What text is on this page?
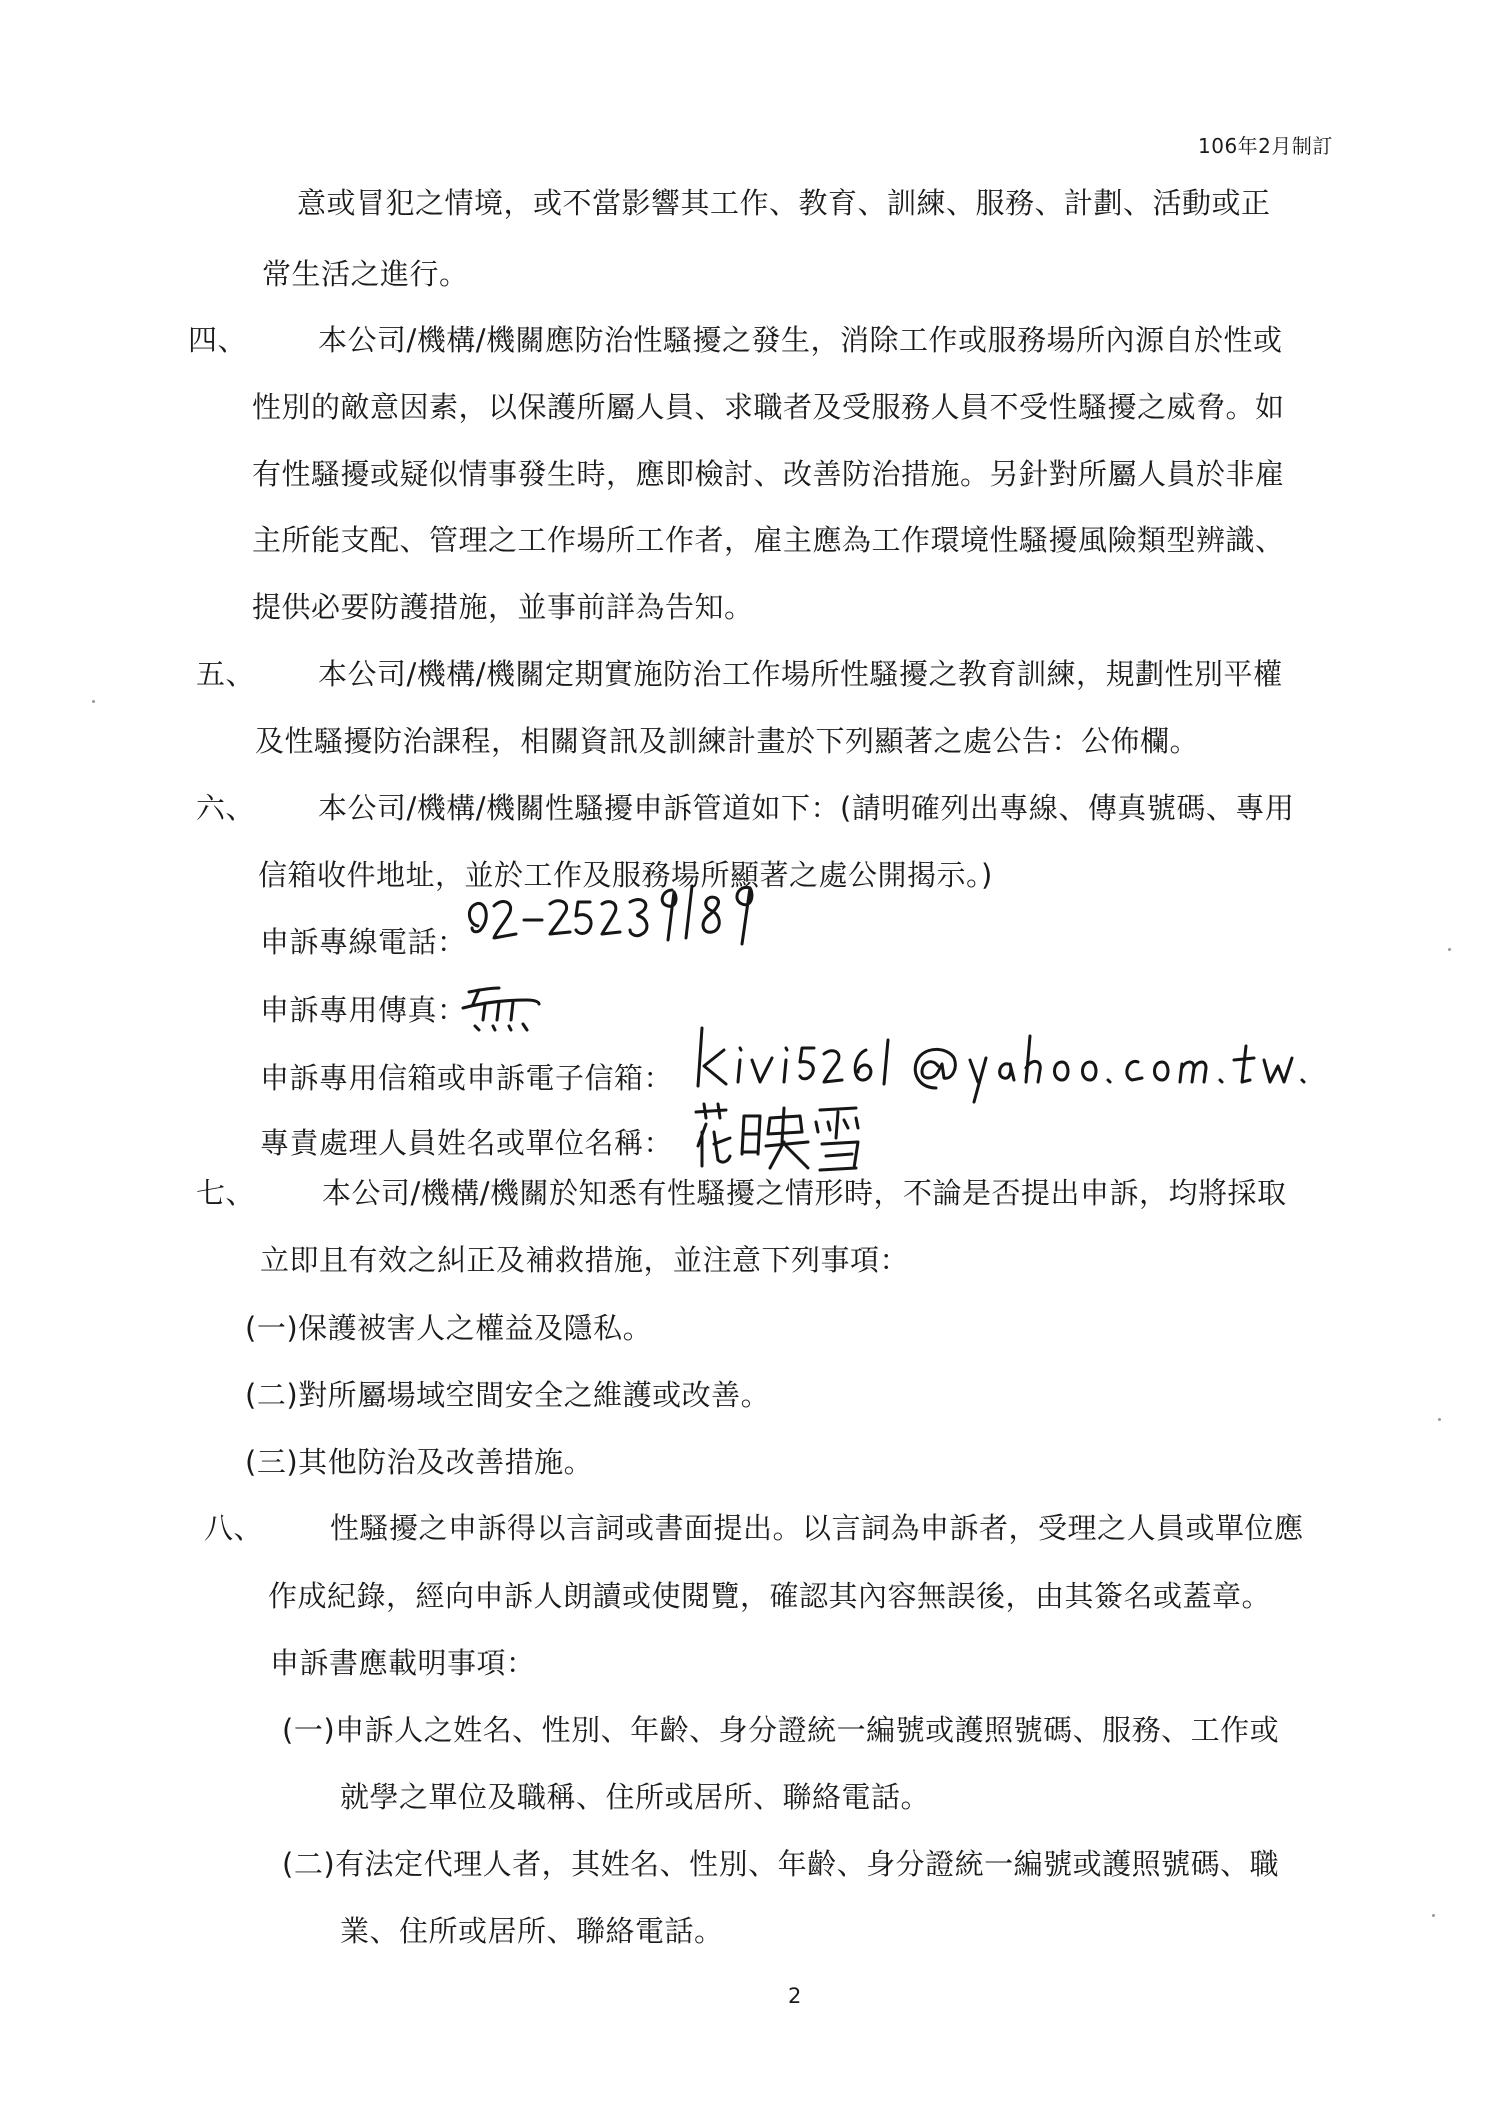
106年2月制訂
意或冒犯之情境，或不當影響其工作、教育、訓練、服務、計劃、活動或正
常生活之進行。
四、 本公司/機構/機關應防治性騷擾之發生，消除工作或服務場所內源自於性或
性別的敵意因素，以保護所屬人員、求職者及受服務人員不受性騷擾之威脅。如
有性騷擾或疑似情事發生時，應即檢討、改善防治措施。另針對所屬人員於非雇
主所能支配、管理之工作場所工作者，雇主應為工作環境性騷擾風險類型辨識、
提供必要防護措施，並事前詳為告知。
五、 本公司/機構/機關定期實施防治工作場所性騷擾之教育訓練，規劃性別平權
及性騷擾防治課程，相關資訊及訓練計畫於下列顯著之處公告：公佈欄。
六、 本公司/機構/機關性騷擾申訴管道如下：(請明確列出專線、傳真號碼、專用
信箱收件地址，並於工作及服務場所顯著之處公開揭示。)
申訴專線電話：
申訴專用傳真：
申訴專用信箱或申訴電子信箱：
專責處理人員姓名或單位名稱：
七、 本公司/機構/機關於知悉有性騷擾之情形時，不論是否提出申訴，均將採取
立即且有效之糾正及補救措施，並注意下列事項：
(一)保護被害人之權益及隱私。
(二)對所屬場域空間安全之維護或改善。
(三)其他防治及改善措施。
八、 性騷擾之申訴得以言詞或書面提出。以言詞為申訴者，受理之人員或單位應
作成紀錄，經向申訴人朗讀或使閱覽，確認其內容無誤後，由其簽名或蓋章。
申訴書應載明事項：
(一)申訴人之姓名、性別、年齡、身分證統一編號或護照號碼、服務、工作或
就學之單位及職稱、住所或居所、聯絡電話。
(二)有法定代理人者，其姓名、性別、年齡、身分證統一編號或護照號碼、職
業、住所或居所、聯絡電話。
2
